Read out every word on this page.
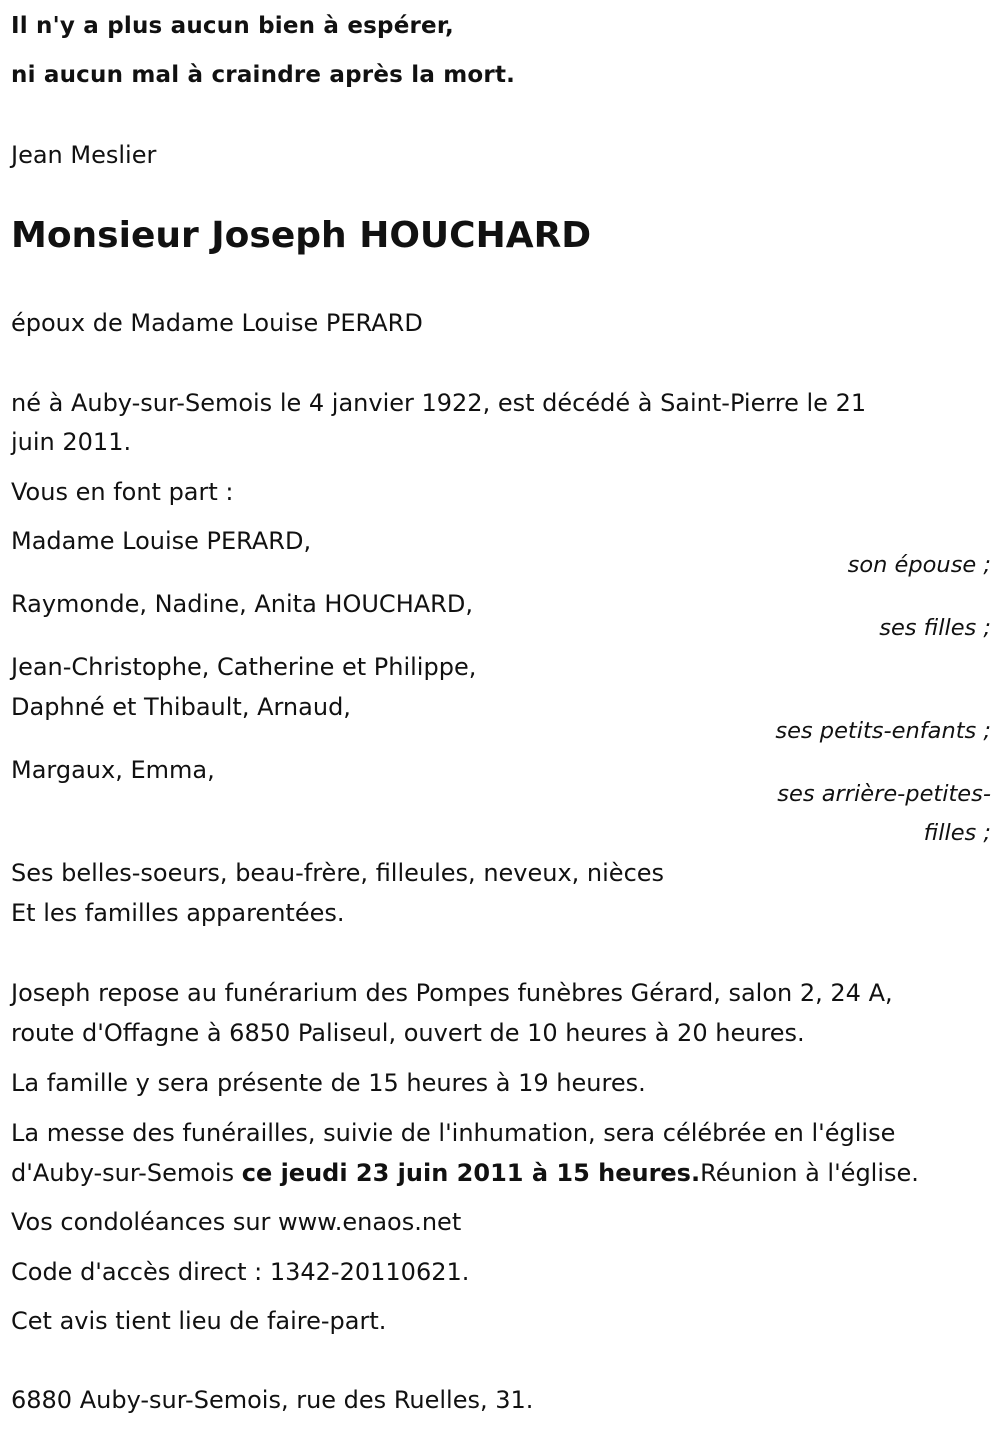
Il n'y a plus aucun bien à espérer,
ni aucun mal à craindre après la mort.
Jean Meslier
Monsieur Joseph HOUCHARD
époux de Madame Louise PERARD
né à Auby-sur-Semois le 4 janvier 1922, est décédé à Saint-Pierre le 21
juin 2011.
Vous en font part :
Madame Louise PERARD,
son épouse ;
Raymonde, Nadine, Anita HOUCHARD,
ses filles ;
Jean-Christophe, Catherine et Philippe,
Daphné et Thibault, Arnaud,
ses petits-enfants ;
Margaux, Emma,
ses arrière-petites-
filles ;
Ses belles-soeurs, beau-frère, filleules, neveux, nièces
Et les familles apparentées.
Joseph repose au funérarium des Pompes funèbres Gérard, salon 2, 24 A,
route d'Offagne à 6850 Paliseul, ouvert de 10 heures à 20 heures.
La famille y sera présente de 15 heures à 19 heures.
La messe des funérailles, suivie de l'inhumation, sera célébrée en l'église
d'Auby-sur-Semois ce jeudi 23 juin 2011 à 15 heures.Réunion à l'église.
Vos condoléances sur www.enaos.net
Code d'accès direct : 1342-20110621.
Cet avis tient lieu de faire-part.
6880 Auby-sur-Semois, rue des Ruelles, 31.
